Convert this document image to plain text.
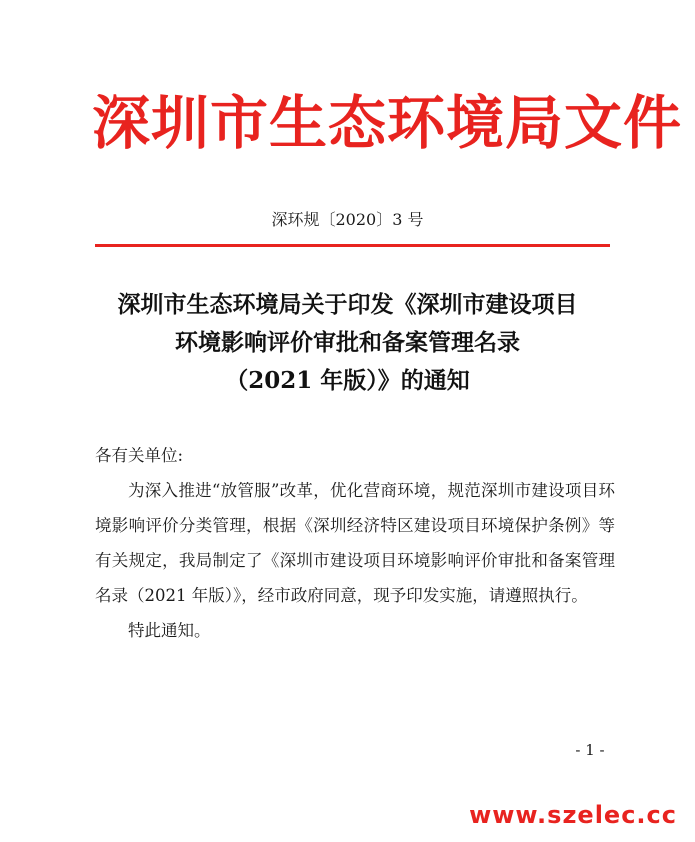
深圳市生态环境局文件
深环规〔2020〕3 号
深圳市生态环境局关于印发《深圳市建设项目
环境影响评价审批和备案管理名录
（2021 年版）》的通知
各有关单位:
为深入推进“放管服”改革，优化营商环境，规范深圳市建设项目环境影响评价分类管理，根据《深圳经济特区建设项目环境保护条例》等有关规定，我局制定了《深圳市建设项目环境影响评价审批和备案管理名录（2021 年版）》，经市政府同意，现予印发实施，请遵照执行。
特此通知。
- 1 -
www.szelec.cc
